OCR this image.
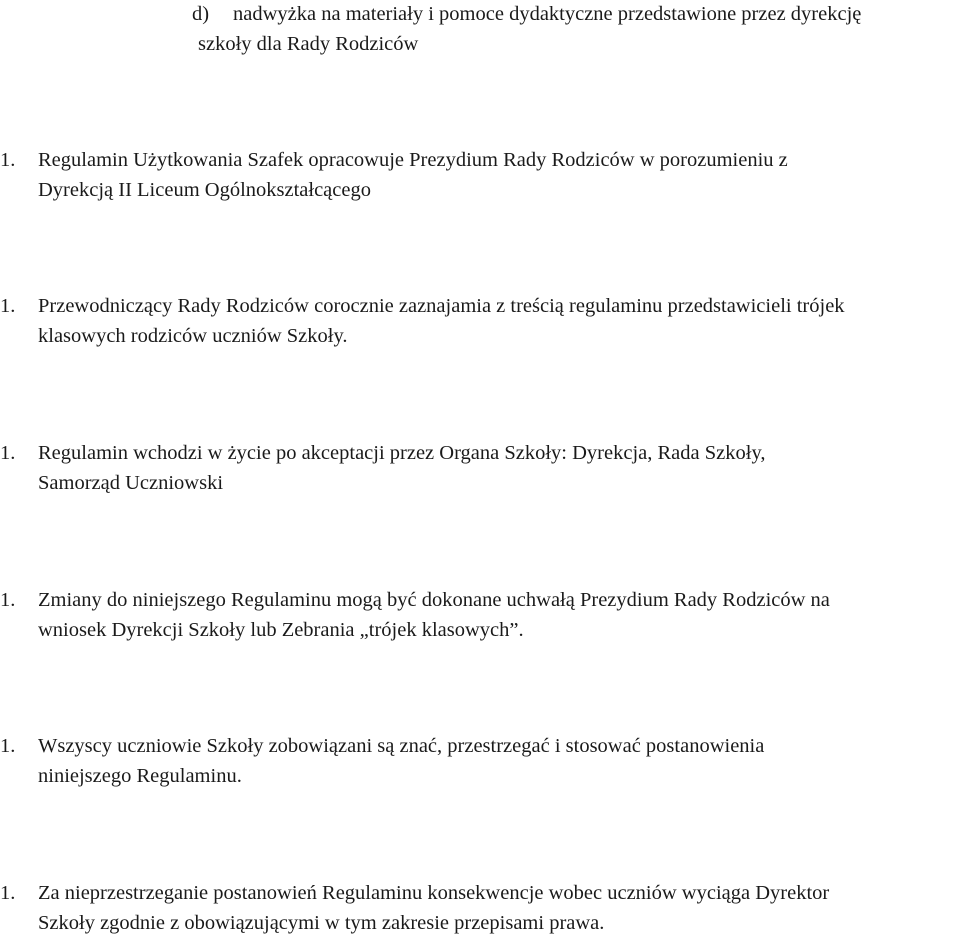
d) nadwyżka na materiały i pomoce dydaktyczne przedstawione przez dyrekcję
szkoły dla Rady Rodziców
1. Regulamin Użytkowania Szafek opracowuje Prezydium Rady Rodziców w porozumieniu z
Dyrekcją II Liceum Ogólnokształcącego
1. Przewodniczący Rady Rodziców corocznie zaznajamia z treścią regulaminu przedstawicieli trójek
klasowych rodziców uczniów Szkoły.
1. Regulamin wchodzi w życie po akceptacji przez Organa Szkoły: Dyrekcja, Rada Szkoły,
Samorząd Uczniowski
1. Zmiany do niniejszego Regulaminu mogą być dokonane uchwałą Prezydium Rady Rodziców na
wniosek Dyrekcji Szkoły lub Zebrania „trójek klasowych”.
1. Wszyscy uczniowie Szkoły zobowiązani są znać, przestrzegać i stosować postanowienia
niniejszego Regulaminu.
1. Za nieprzestrzeganie postanowień Regulaminu konsekwencje wobec uczniów wyciąga Dyrektor
Szkoły zgodnie z obowiązującymi w tym zakresie przepisami prawa.
